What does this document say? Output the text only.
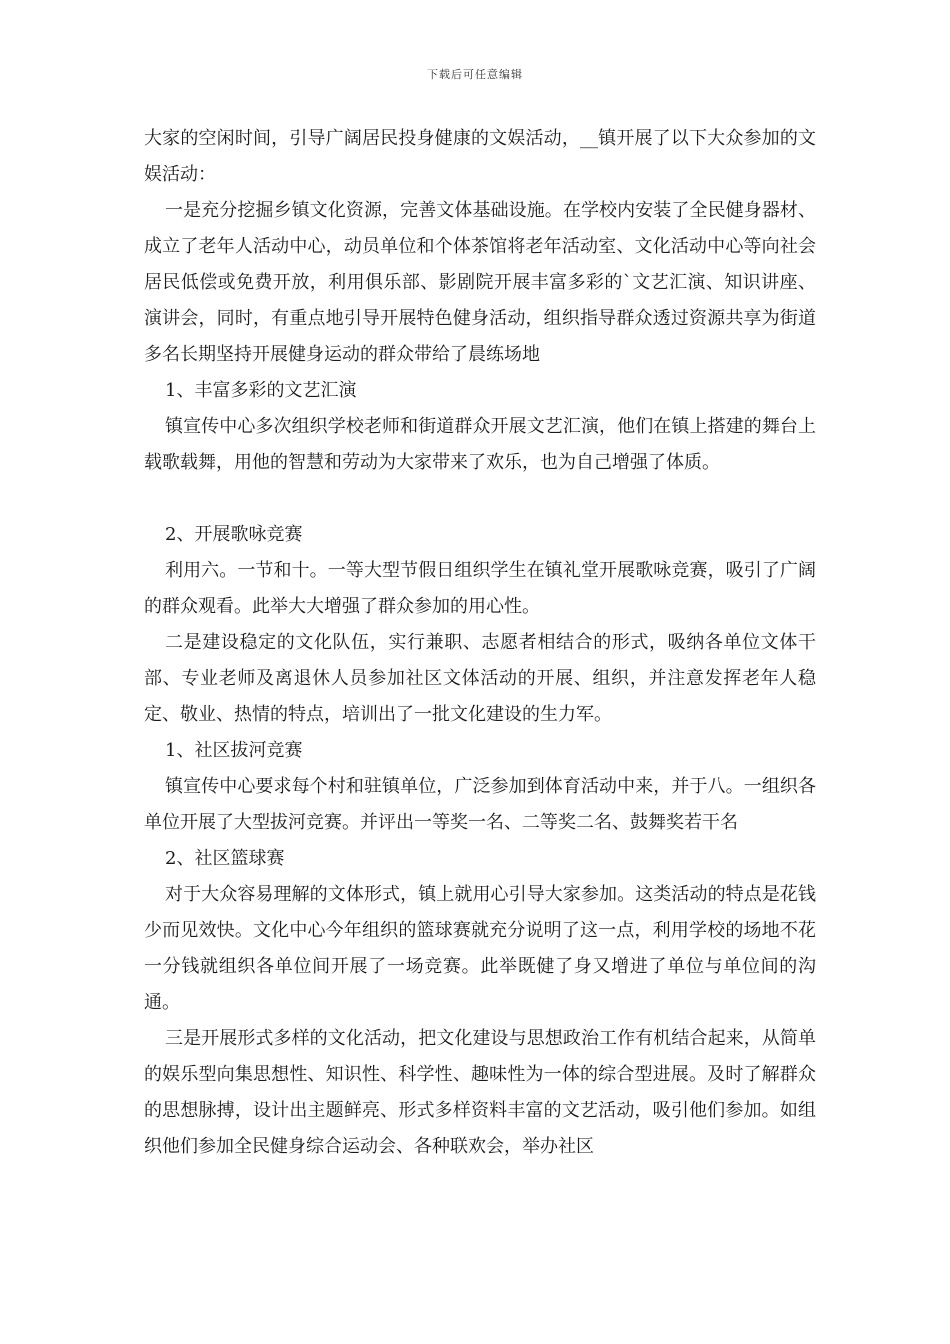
下载后可任意编辑

大家的空闲时间，引导广阔居民投身健康的文娱活动，__镇开展了以下大众参加的文娱活动：

一是充分挖掘乡镇文化资源，完善文体基础设施。在学校内安装了全民健身器材、成立了老年人活动中心，动员单位和个体茶馆将老年活动室、文化活动中心等向社会居民低偿或免费开放，利用俱乐部、影剧院开展丰富多彩的`文艺汇演、知识讲座、演讲会，同时，有重点地引导开展特色健身活动，组织指导群众透过资源共享为街道多名长期坚持开展健身运动的群众带给了晨练场地

1、丰富多彩的文艺汇演

镇宣传中心多次组织学校老师和街道群众开展文艺汇演，他们在镇上搭建的舞台上载歌载舞，用他的智慧和劳动为大家带来了欢乐，也为自己增强了体质。

2、开展歌咏竞赛

利用六。一节和十。一等大型节假日组织学生在镇礼堂开展歌咏竞赛，吸引了广阔的群众观看。此举大大增强了群众参加的用心性。

二是建设稳定的文化队伍，实行兼职、志愿者相结合的形式，吸纳各单位文体干部、专业老师及离退休人员参加社区文体活动的开展、组织，并注意发挥老年人稳定、敬业、热情的特点，培训出了一批文化建设的生力军。

1、社区拔河竞赛

镇宣传中心要求每个村和驻镇单位，广泛参加到体育活动中来，并于八。一组织各单位开展了大型拔河竞赛。并评出一等奖一名、二等奖二名、鼓舞奖若干名

2、社区篮球赛

对于大众容易理解的文体形式，镇上就用心引导大家参加。这类活动的特点是花钱少而见效快。文化中心今年组织的篮球赛就充分说明了这一点，利用学校的场地不花一分钱就组织各单位间开展了一场竞赛。此举既健了身又增进了单位与单位间的沟通。

三是开展形式多样的文化活动，把文化建设与思想政治工作有机结合起来，从简单的娱乐型向集思想性、知识性、科学性、趣味性为一体的综合型进展。及时了解群众的思想脉搏，设计出主题鲜亮、形式多样资料丰富的文艺活动，吸引他们参加。如组织他们参加全民健身综合运动会、各种联欢会，举办社区
